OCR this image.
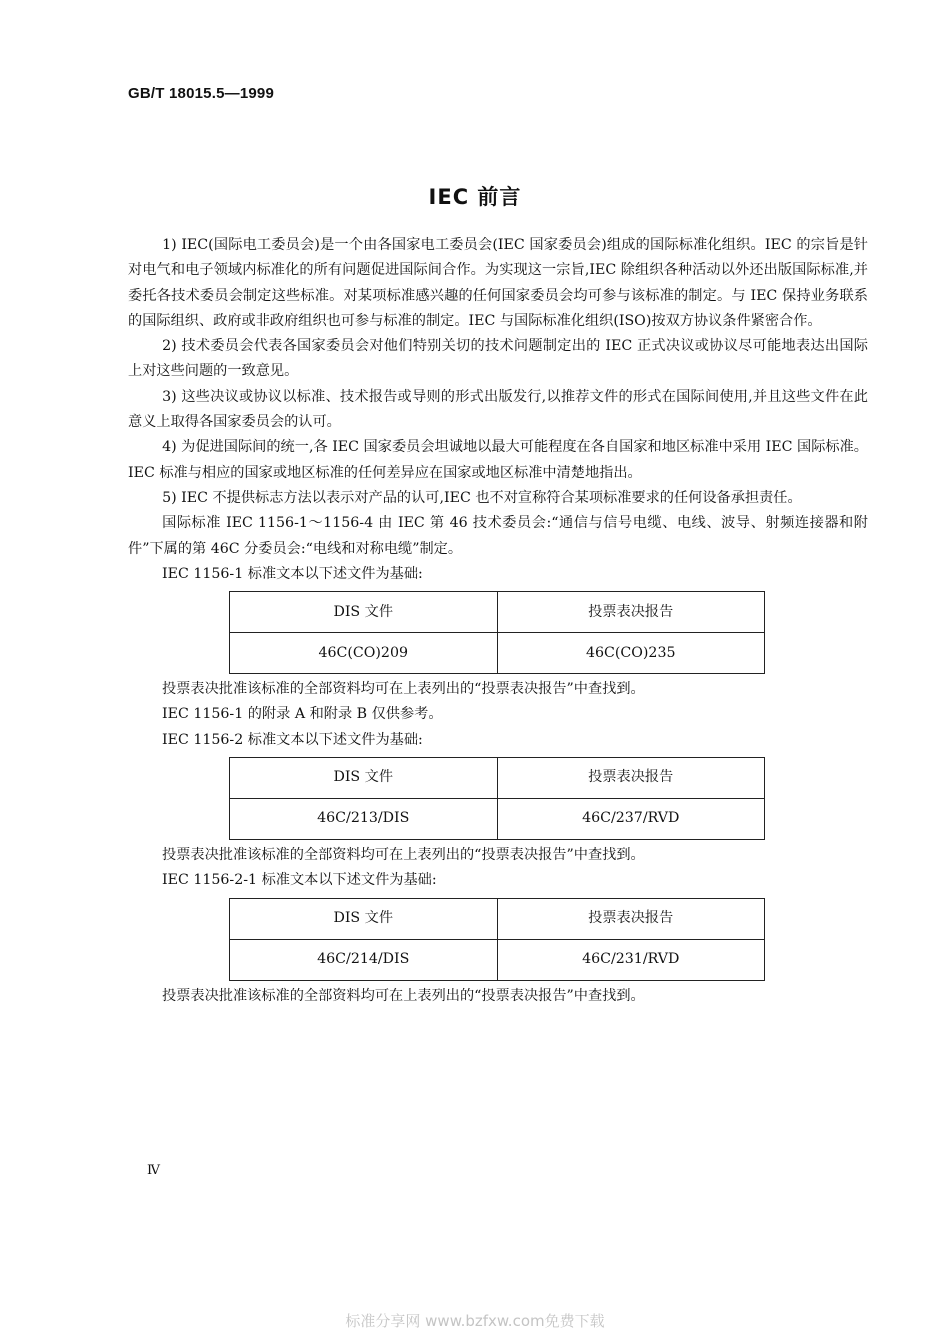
GB/T 18015.5—1999
IEC 前言

1) IEC(国际电工委员会)是一个由各国家电工委员会(IEC 国家委员会)组成的国际标准化组织。IEC 的宗旨是针对电气和电子领域内标准化的所有问题促进国际间合作。为实现这一宗旨,IEC 除组织各种活动以外还出版国际标准,并委托各技术委员会制定这些标准。对某项标准感兴趣的任何国家委员会均可参与该标准的制定。与 IEC 保持业务联系的国际组织、政府或非政府组织也可参与标准的制定。IEC 与国际标准化组织(ISO)按双方协议条件紧密合作。

2) 技术委员会代表各国家委员会对他们特别关切的技术问题制定出的 IEC 正式决议或协议尽可能地表达出国际上对这些问题的一致意见。

3) 这些决议或协议以标准、技术报告或导则的形式出版发行,以推荐文件的形式在国际间使用,并且这些文件在此意义上取得各国家委员会的认可。

4) 为促进国际间的统一,各 IEC 国家委员会坦诚地以最大可能程度在各自国家和地区标准中采用 IEC 国际标准。IEC 标准与相应的国家或地区标准的任何差异应在国家或地区标准中清楚地指出。

5) IEC 不提供标志方法以表示对产品的认可,IEC 也不对宣称符合某项标准要求的任何设备承担责任。

国际标准 IEC 1156-1～1156-4 由 IEC 第 46 技术委员会:“通信与信号电缆、电线、波导、射频连接器和附件”下属的第 46C 分委员会:“电线和对称电缆”制定。

IEC 1156-1 标准文本以下述文件为基础:

DIS 文件	投票表决报告
46C(CO)209	46C(CO)235

投票表决批准该标准的全部资料均可在上表列出的“投票表决报告”中查找到。

IEC 1156-1 的附录 A 和附录 B 仅供参考。

IEC 1156-2 标准文本以下述文件为基础:

DIS 文件	投票表决报告
46C/213/DIS	46C/237/RVD

投票表决批准该标准的全部资料均可在上表列出的“投票表决报告”中查找到。

IEC 1156-2-1 标准文本以下述文件为基础:

DIS 文件	投票表决报告
46C/214/DIS	46C/231/RVD

投票表决批准该标准的全部资料均可在上表列出的“投票表决报告”中查找到。

Ⅳ
标准分享网 www.bzfxw.com免费下载
